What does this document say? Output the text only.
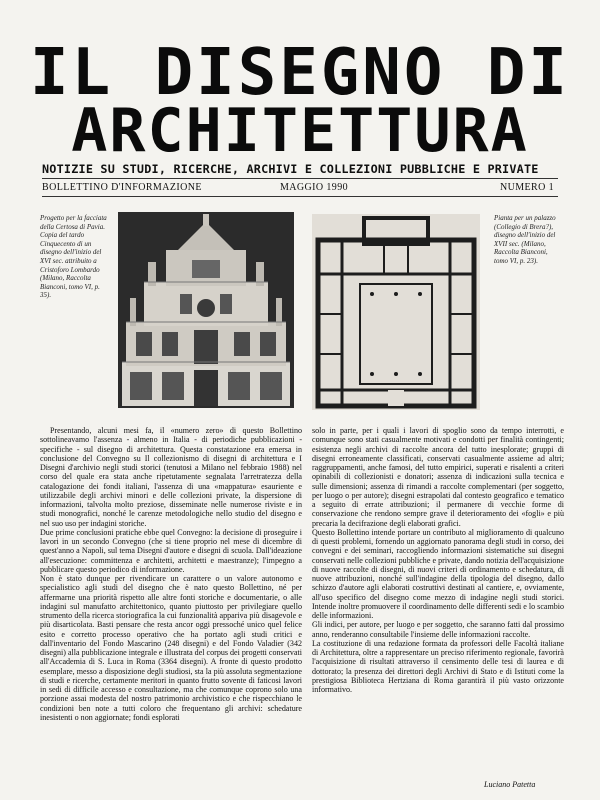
IL DISEGNO DI
ARCHITETTURA
NOTIZIE SU STUDI, RICERCHE, ARCHIVI E COLLEZIONI PUBBLICHE E PRIVATE
BOLLETTINO D'INFORMAZIONE	MAGGIO 1990	NUMERO 1
Progetto per la facciata della Certosa di Pavia. Copia del tardo Cinquecento di un disegno dell'inizio del XVI sec. attribuito a Cristoforo Lombardo (Milano, Raccolta Bianconi, tomo VI, p. 35).
Pianta per un palazzo (Collegio di Brera?), disegno dell'inizio del XVII sec. (Milano, Raccolta Bianconi, tomo VI, p. 23).

Presentando, alcuni mesi fa, il «numero zero» di questo Bollettino sottolineavamo l'assenza - almeno in Italia - di periodiche pubblicazioni - specifiche - sul disegno di architettura. Questa constatazione era emersa in conclusione del Convegno su Il collezionismo di disegni di architettura e I Disegni d'archivio negli studi storici (tenutosi a Milano nel febbraio 1988) nel corso del quale era stata anche ripetutamente segnalata l'arretratezza della catalogazione dei fondi italiani, l'assenza di una «mappatura» esauriente e utilizzabile degli archivi minori e delle collezioni private, la dispersione di informazioni, talvolta molto preziose, disseminate nelle numerose riviste e in studi monografici, nonché le carenze metodologiche nello studio del disegno e nel suo uso per indagini storiche.

Due prime conclusioni pratiche ebbe quel Convegno: la decisione di proseguire i lavori in un secondo Convegno (che si tiene proprio nel mese di dicembre di quest'anno a Napoli, sul tema Disegni d'autore e disegni di scuola. Dall'ideazione all'esecuzione: committenza e architetti, architetti e maestranze); l'impegno a pubblicare questo periodico di informazione.

Non è stato dunque per rivendicare un carattere o un valore autonomo e specialistico agli studi del disegno che è nato questo Bollettino, né per affermarne una priorità rispetto alle altre fonti storiche e documentarie, o alle indagini sul manufatto architettonico, quanto piuttosto per privilegiare quello strumento della ricerca storiografica la cui funzionalità appariva più disagevole e più disarticolata. Basti pensare che resta ancor oggi pressoché unico quel felice esito e corretto processo operativo che ha portato agli studi critici e dall'inventario del Fondo Mascarino (248 disegni) e del Fondo Valadier (342 disegni) alla pubblicazione integrale e illustrata del corpus dei progetti conservati all'Accademia di S. Luca in Roma (3364 disegni). A fronte di questo prodotto esemplare, messo a disposizione degli studiosi, sta la più assoluta segmentazione di studi e ricerche, certamente meritori in quanto frutto sovente di faticosi lavori in sedi di difficile accesso e consultazione, ma che comunque coprono solo una porzione assai modesta del nostro patrimonio archivistico e che rispecchiano le condizioni ben note a tutti coloro che frequentano gli archivi: schedature inesistenti o non aggiornate; fondi esplorati

solo in parte, per i quali i lavori di spoglio sono da tempo interrotti, e comunque sono stati casualmente motivati e condotti per finalità contingenti; esistenza negli archivi di raccolte ancora del tutto inesplorate; gruppi di disegni erroneamente classificati, conservati casualmente assieme ad altri; raggruppamenti, anche famosi, del tutto empirici, superati e risalenti a criteri opinabili di collezionisti e donatori; assenza di indicazioni sulla tecnica e sulle dimensioni; assenza di rimandi a raccolte complementari (per soggetto, per luogo o per autore); disegni estrapolati dal contesto geografico e tematico a seguito di errate attribuzioni; il permanere di vecchie forme di conservazione che rendono sempre grave il deterioramento dei «fogli» e più precaria la decifrazione degli elaborati grafici.

Questo Bollettino intende portare un contributo al miglioramento di qualcuno di questi problemi, fornendo un aggiornato panorama degli studi in corso, dei convegni e dei seminari, raccogliendo informazioni sistematiche sui disegni conservati nelle collezioni pubbliche e private, dando notizia dell'acquisizione di nuove raccolte di disegni, di nuovi criteri di ordinamento e schedatura, di nuove attribuzioni, nonché sull'indagine della tipologia del disegno, dallo schizzo d'autore agli elaborati costruttivi destinati al cantiere, e, ovviamente, all'uso specifico del disegno come mezzo di indagine negli studi storici. Intende inoltre promuovere il coordinamento delle differenti sedi e lo scambio delle informazioni.

Gli indici, per autore, per luogo e per soggetto, che saranno fatti dal prossimo anno, renderanno consultabile l'insieme delle informazioni raccolte.

La costituzione di una redazione formata da professori delle Facoltà italiane di Architettura, oltre a rappresentare un preciso riferimento regionale, favorirà l'acquisizione di risultati attraverso il censimento delle tesi di laurea e di dottorato; la presenza dei direttori degli Archivi di Stato e di Istituti come la prestigiosa Biblioteca Hertziana di Roma garantirà il più vasto orizzonte informativo.

Luciano Patetta
